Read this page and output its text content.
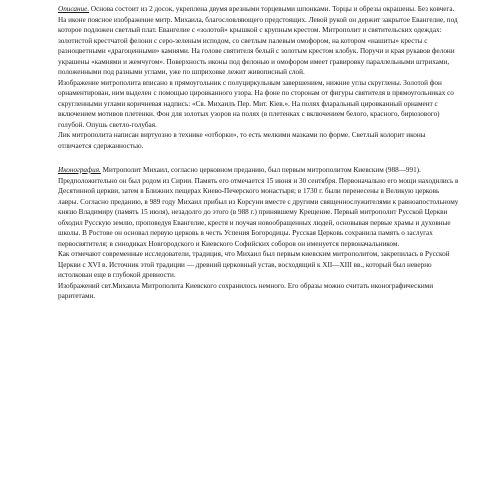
Описание. Основа состоит из 2 досок, укреплена двумя врезными торцевыми шпонками. Торцы и обрезы окрашены. Без ковчега. На иконе поясное изображение митр. Михаила, благословляющего предстоящих. Левой рукой он держит закрытое Евангелие, под которое подложен светлый плат. Евангелие с «золотой» крышкой с крупным крестом. Митрополит и святительских одеждах: золотистой крестчатой фелони с серо-зеленым исподом, со светлым палевым омофором, на котором «нашиты» кресты с разноцветными «драгоценными» камнями. На голове святителя белый с золотым крестом клобук. Поручи и края рукавов фелони украшены «камнями и жемчугом». Поверхность иконы под фелонью и омофором имеет гравировку параллельными штрихами, положенными под разными углами, уже по шприховке лежит живописный слой.

Изображение митрополита вписано в прямоугольник с полуциркульным завершением, нижние углы скруглены. Золотой фон орнаментирован, ним выделен с помощью цировканного узора. На фоне по сторонам от фигуры святителя в прямоугольниках со скругленными углами коричневая надпись: «Св. Михаилъ Пер. Мит. Кiев.». На полях фларальный цировканный орнамент с включением мотивов плетенки. Фон для золотых узоров на полях (в плетенках с включением белого, красного, бирюзового) голубой. Опушь светло-голубая.

Лик митрополита написан виртуозно в технике «отборки», то есть мелкими мазками по форме. Светлый колорит иконы отличается сдержанностью.

Иконография. Митрополит Михаил, согласно церковном преданию, был первым митрополитом Киевским (988—991). Предположительно он был родом из Сирии. Память его отмечается 15 июня и 30 сентября. Первоначально его мощи находились в Десятинной церкви, затем в Ближних пещерах Киево-Печерского монастыря; в 1730 г. были перенесены в Великую церковь лавры. Согласно преданию, в 989 году Михаил прибыл из Корсуни вместе с другими священнослужителями к равноапостольному князю Владимиру (память 15 июля), незадолго до этого (в 988 г.) принявшему Крещение. Первый митрополит Русской Церкви обходил Русскую землю, проповедуя Евангелие, крестя и поучая новообращенных людей, основывая первые храмы и духовные школы. В Ростове он основал первую церковь в честь Успения Богородицы. Русская Церковь сохранила память о заслугах первосвятителя; в синодиках Новгородского и Киевского Софийских соборов он именуется первоначальником.

Как отмечают современные исследователи, традиция, что Михаил был первым киевским митрополитом, закрепилась в Русской Церкви с XVI в. Источник этой традиции — древний церковный устав, восходящий к XII—XIII вв., который был неверно истолкован еще в глубокой древности.

Изображений свт.Михаила Митрополита Киевского сохранилось немного. Его образы можно считать иконографическими раритетами.
